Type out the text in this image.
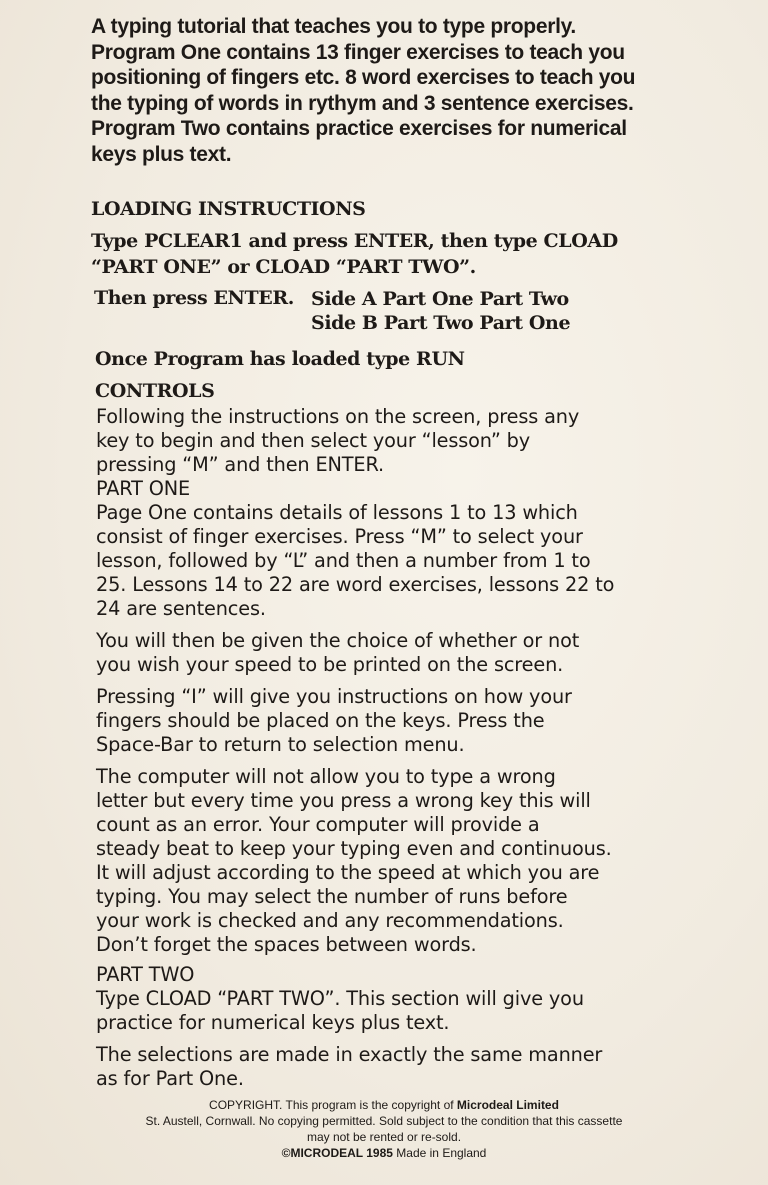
A typing tutorial that teaches you to type properly.
Program One contains 13 finger exercises to teach you
positioning of fingers etc. 8 word exercises to teach you
the typing of words in rythym and 3 sentence exercises.
Program Two contains practice exercises for numerical
keys plus text.

LOADING INSTRUCTIONS

Type PCLEAR1 and press ENTER, then type CLOAD
“PART ONE” or CLOAD “PART TWO”.

Then press ENTER. Side A Part One Part Two
Side B Part Two Part One

Once Program has loaded type RUN

CONTROLS

Following the instructions on the screen, press any
key to begin and then select your “lesson” by
pressing “M” and then ENTER.

PART ONE

Page One contains details of lessons 1 to 13 which
consist of finger exercises. Press “M” to select your
lesson, followed by “L” and then a number from 1 to
25. Lessons 14 to 22 are word exercises, lessons 22 to
24 are sentences.

You will then be given the choice of whether or not
you wish your speed to be printed on the screen.

Pressing “I” will give you instructions on how your
fingers should be placed on the keys. Press the
Space-Bar to return to selection menu.

The computer will not allow you to type a wrong
letter but every time you press a wrong key this will
count as an error. Your computer will provide a
steady beat to keep your typing even and continuous.
It will adjust according to the speed at which you are
typing. You may select the number of runs before
your work is checked and any recommendations.
Don’t forget the spaces between words.

PART TWO

Type CLOAD “PART TWO”. This section will give you
practice for numerical keys plus text.

The selections are made in exactly the same manner
as for Part One.

COPYRIGHT. This program is the copyright of Microdeal Limited
St. Austell, Cornwall. No copying permitted. Sold subject to the condition that this cassette
may not be rented or re-sold.
©MICRODEAL 1985 Made in England
